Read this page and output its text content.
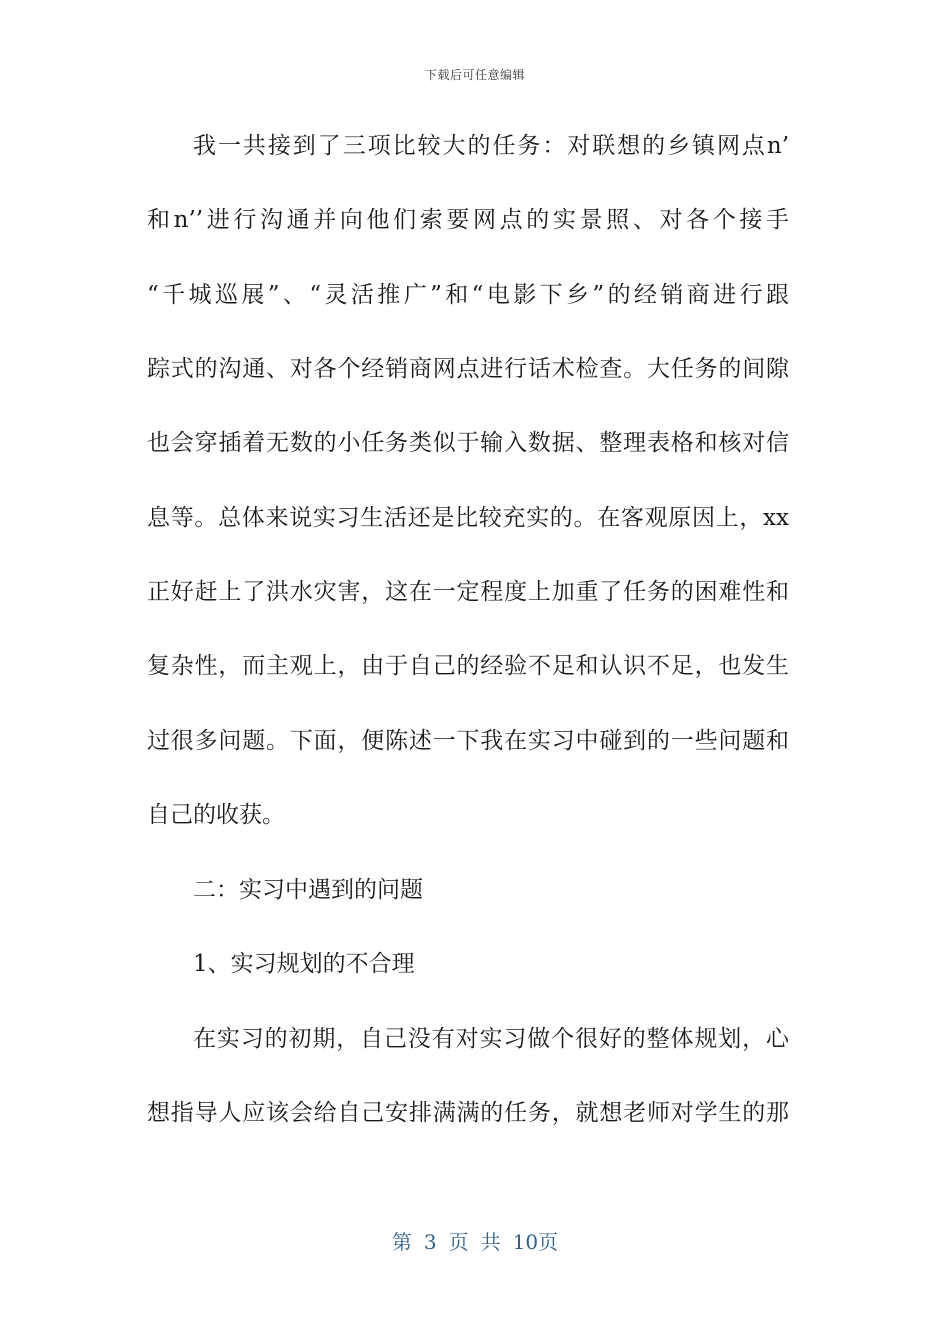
下载后可任意编辑
我一共接到了三项比较大的任务：对联想的乡镇网点n’
和n’’进行沟通并向他们索要网点的实景照、对各个接手
“千城巡展”、“灵活推广”和“电影下乡”的经销商进行跟
踪式的沟通、对各个经销商网点进行话术检查。大任务的间隙
也会穿插着无数的小任务类似于输入数据、整理表格和核对信
息等。总体来说实习生活还是比较充实的。在客观原因上，xx
正好赶上了洪水灾害，这在一定程度上加重了任务的困难性和
复杂性，而主观上，由于自己的经验不足和认识不足，也发生
过很多问题。下面，便陈述一下我在实习中碰到的一些问题和
自己的收获。
二：实习中遇到的问题
1、实习规划的不合理
在实习的初期，自己没有对实习做个很好的整体规划，心
想指导人应该会给自己安排满满的任务，就想老师对学生的那
第 3 页 共 10页
